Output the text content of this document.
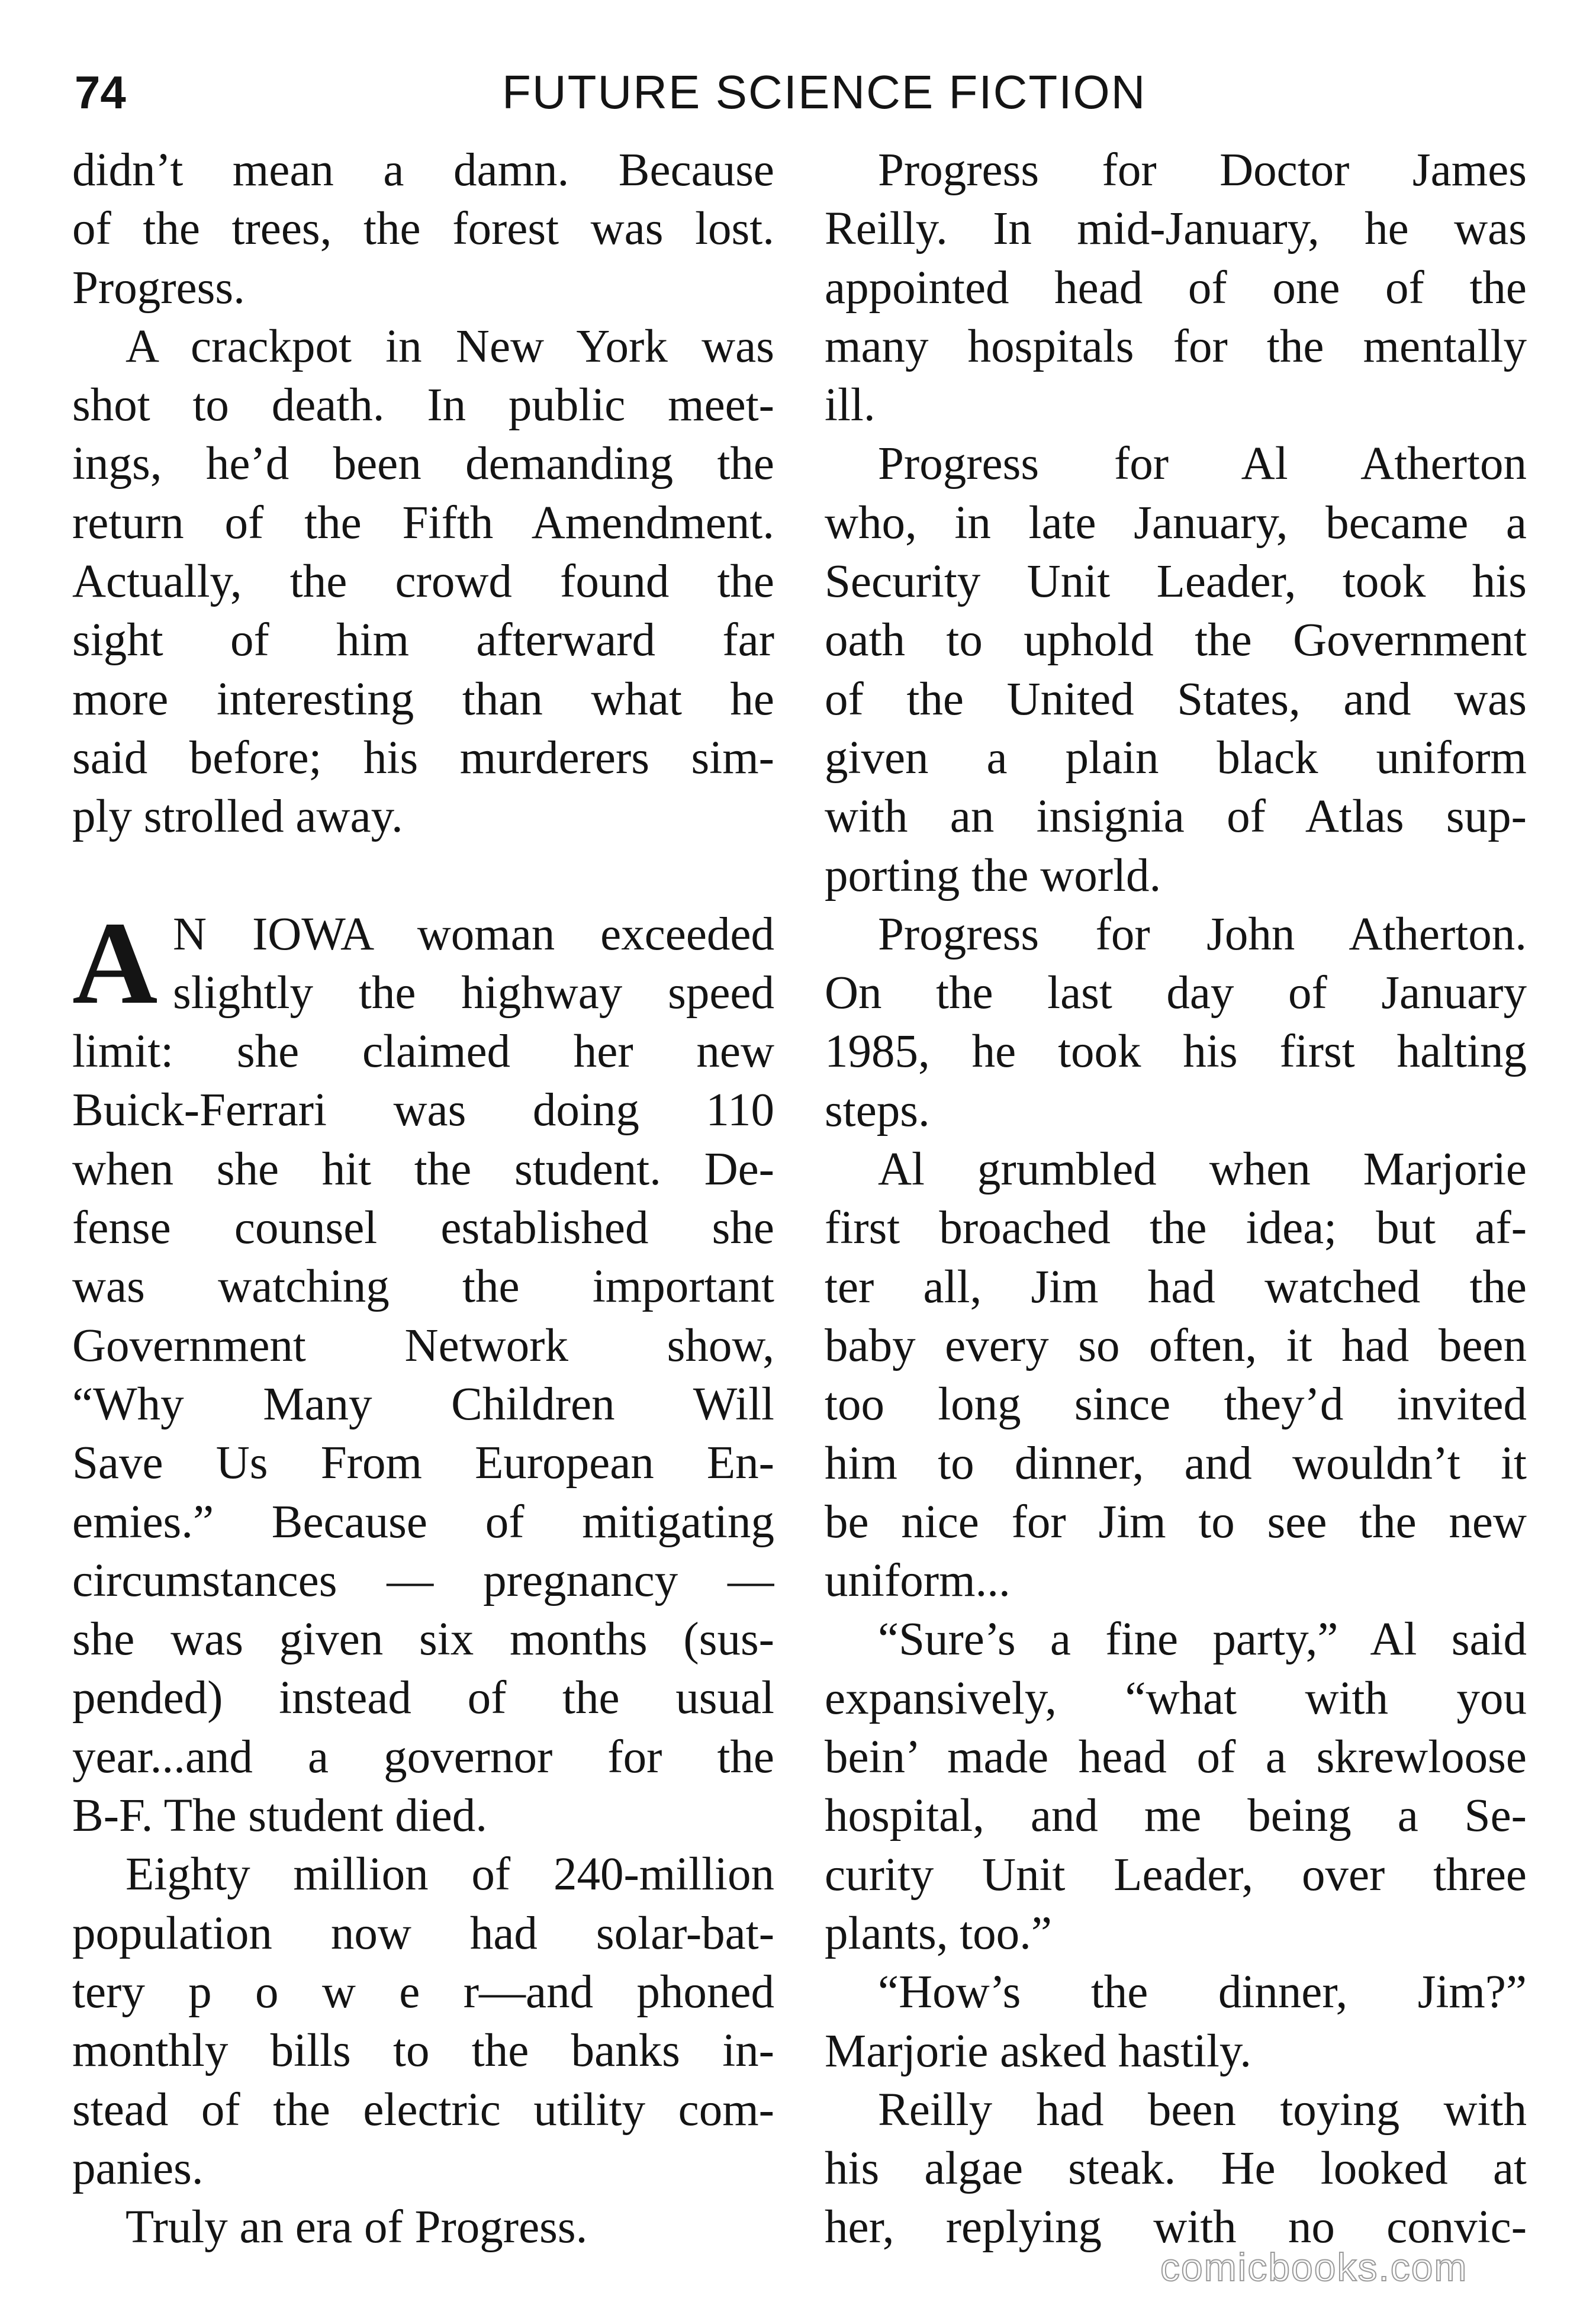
74	FUTURE SCIENCE FICTION
didn’t mean a damn. Because
of the trees, the forest was lost.
Progress.
A crackpot in New York was
shot to death. In public meet-
ings, he’d been demanding the
return of the Fifth Amendment.
Actually, the crowd found the
sight of him afterward far
more interesting than what he
said before; his murderers sim-
ply strolled away.
A N IOWA woman exceeded
slightly the highway speed
limit: she claimed her new
Buick-Ferrari was doing 110
when she hit the student. De-
fense counsel established she
was watching the important
Government Network show,
“Why Many Children Will
Save Us From European En-
emies.” Because of mitigating
circumstances — pregnancy —
she was given six months (sus-
pended) instead of the usual
year...and a governor for the
B-F. The student died.
Eighty million of 240-million
population now had solar-bat-
tery p o w e r—and phoned
monthly bills to the banks in-
stead of the electric utility com-
panies.
Truly an era of Progress.
Progress for Doctor James
Reilly. In mid-January, he was
appointed head of one of the
many hospitals for the mentally
ill.
Progress for Al Atherton
who, in late January, became a
Security Unit Leader, took his
oath to uphold the Government
of the United States, and was
given a plain black uniform
with an insignia of Atlas sup-
porting the world.
Progress for John Atherton.
On the last day of January
1985, he took his first halting
steps.
Al grumbled when Marjorie
first broached the idea; but af-
ter all, Jim had watched the
baby every so often, it had been
too long since they’d invited
him to dinner, and wouldn’t it
be nice for Jim to see the new
uniform...
“Sure’s a fine party,” Al said
expansively, “what with you
bein’ made head of a skrewloose
hospital, and me being a Se-
curity Unit Leader, over three
plants, too.”
“How’s the dinner, Jim?”
Marjorie asked hastily.
Reilly had been toying with
his algae steak. He looked at
her, replying with no convic-
comicbooks.com
